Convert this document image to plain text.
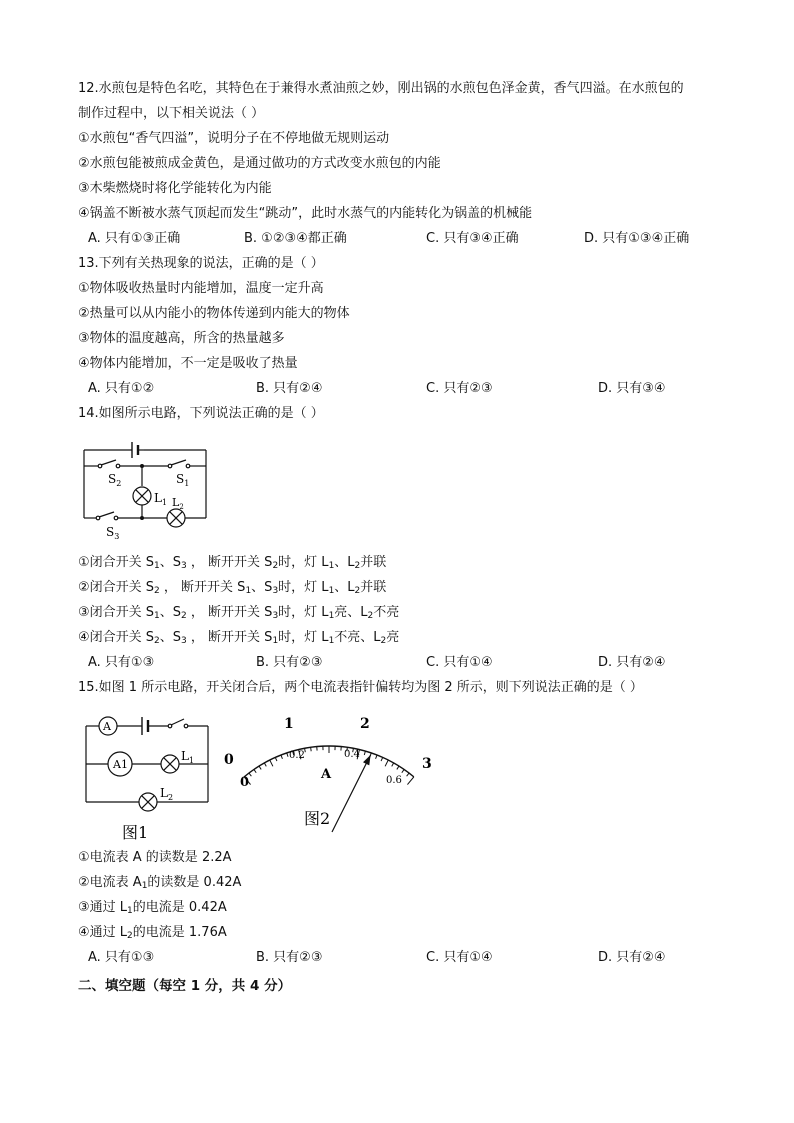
12.水煎包是特色名吃，其特色在于兼得水煮油煎之妙，刚出锅的水煎包色泽金黄，香气四溢。在水煎包的
制作过程中，以下相关说法（ ）
①水煎包“香气四溢”，说明分子在不停地做无规则运动
②水煎包能被煎成金黄色，是通过做功的方式改变水煎包的内能
③木柴燃烧时将化学能转化为内能
④锅盖不断被水蒸气顶起而发生“跳动”，此时水蒸气的内能转化为锅盖的机械能
A. 只有①③正确	B. ①②③④都正确	C. 只有③④正确	D. 只有①③④正确
13.下列有关热现象的说法，正确的是（ ）
①物体吸收热量时内能增加，温度一定升高
②热量可以从内能小的物体传递到内能大的物体
③物体的温度越高，所含的热量越多
④物体内能增加，不一定是吸收了热量
A. 只有①②	B. 只有②④	C. 只有②③	D. 只有③④
14.如图所示电路，下列说法正确的是（ ）
$S_2$	$S_1$
$S_3$
$L_1$ $L_2$
①闭合开关 $S_1$、$S_3$ ， 断开开关 $S_2$时，灯 $L_1$、$L_2$并联
②闭合开关 $S_2$ ， 断开开关 $S_1$、$S_3$时，灯 $L_1$、$L_2$并联
③闭合开关 $S_1$、$S_2$ ， 断开开关 $S_3$时，灯 $L_1$亮、$L_2$不亮
④闭合开关 $S_2$、$S_3$ ， 断开开关 $S_1$时，灯 $L_1$不亮、$L_2$亮
A. 只有①③	B. 只有②③	C. 只有①④	D. 只有②④
15.如图 1 所示电路，开关闭合后，两个电流表指针偏转均为图 2 所示，则下列说法正确的是（ ）
A
A1
$L_1$
$L_2$
图1
0
1	2
3
0
0.2	0.4
0.6
A
图2
①电流表 A 的读数是 2.2A
②电流表 $A_1$的读数是 0.42A
③通过 $L_1$的电流是 0.42A
④通过 $L_2$的电流是 1.76A
A. 只有①③	B. 只有②③	C. 只有①④	D. 只有②④
二、填空题（每空 1 分，共 4 分）
